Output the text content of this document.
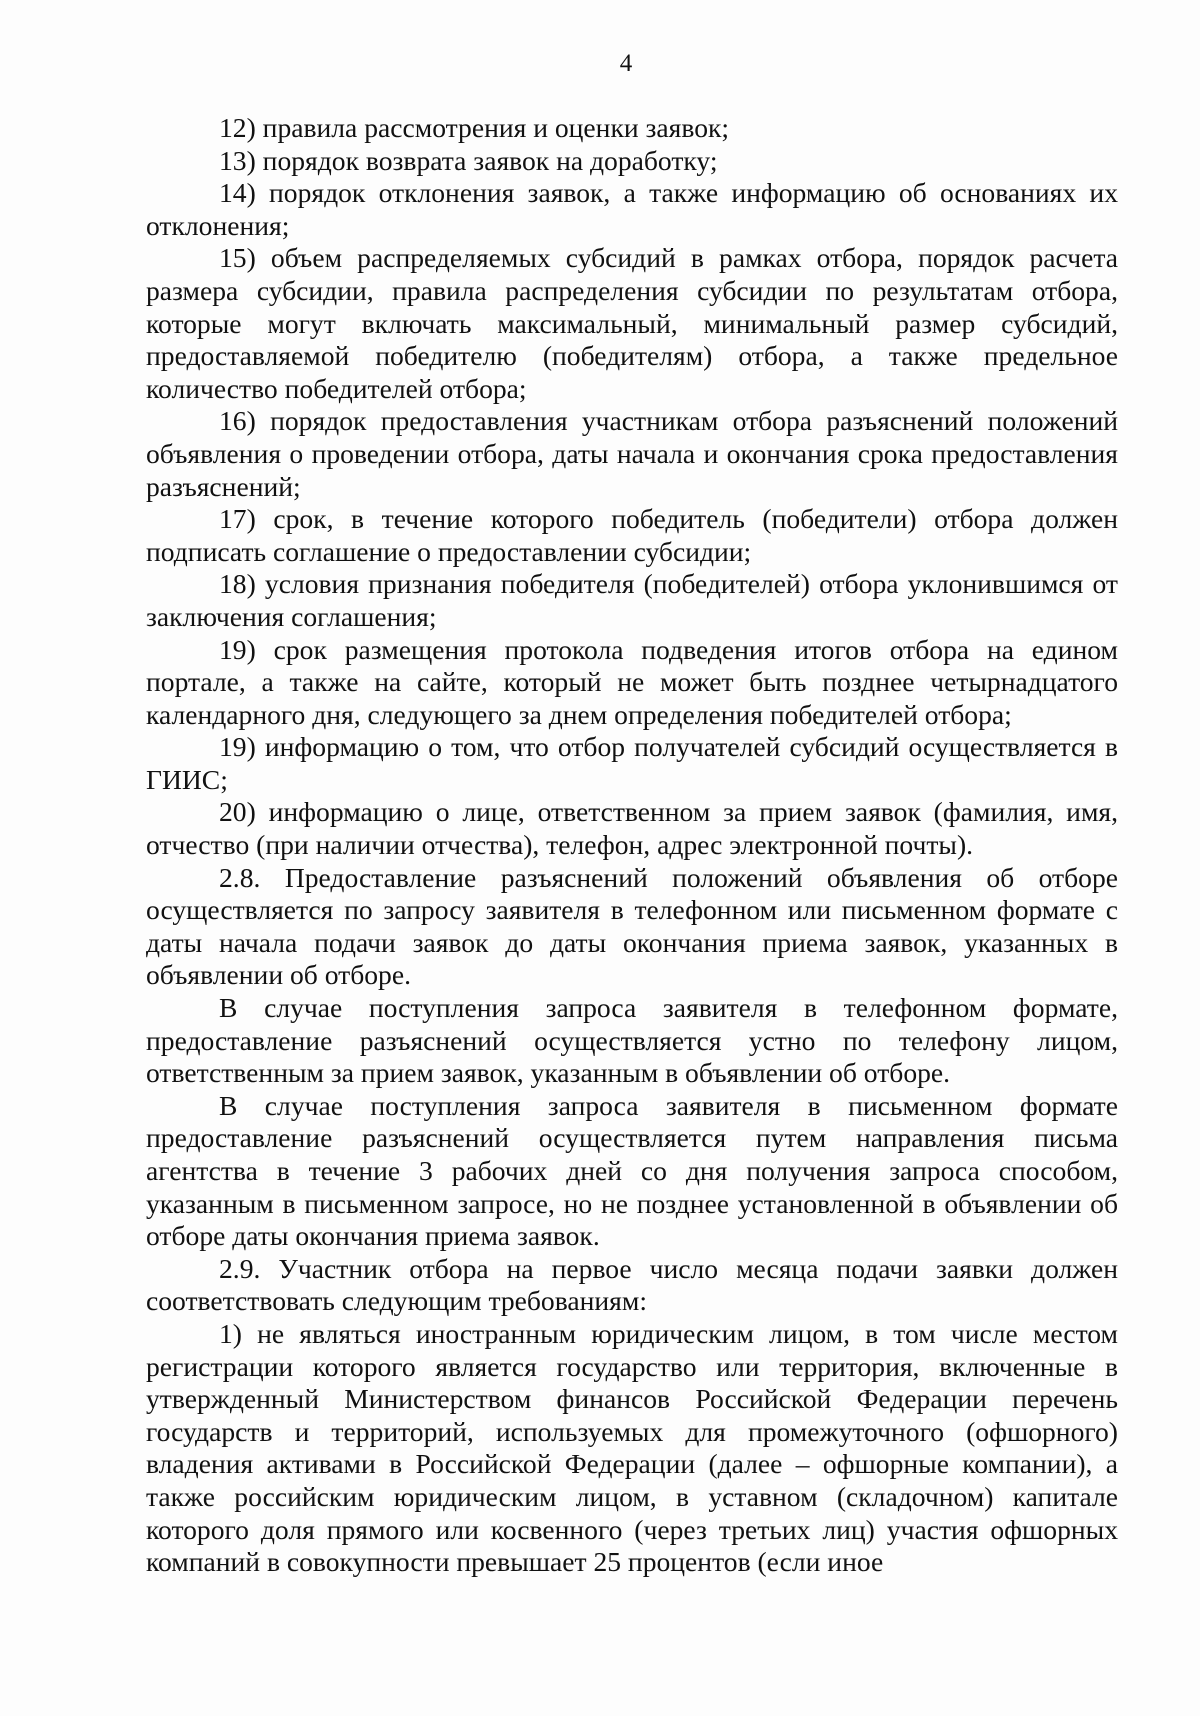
4

12) правила рассмотрения и оценки заявок;

13) порядок возврата заявок на доработку;

14) порядок отклонения заявок, а также информацию об основаниях их отклонения;

15) объем распределяемых субсидий в рамках отбора, порядок расчета размера субсидии, правила распределения субсидии по результатам отбора, которые могут включать максимальный, минимальный размер субсидий, предоставляемой победителю (победителям) отбора, а также предельное количество победителей отбора;

16) порядок предоставления участникам отбора разъяснений положений объявления о проведении отбора, даты начала и окончания срока предоставления разъяснений;

17) срок, в течение которого победитель (победители) отбора должен подписать соглашение о предоставлении субсидии;

18) условия признания победителя (победителей) отбора уклонившимся от заключения соглашения;

19) срок размещения протокола подведения итогов отбора на едином портале, а также на сайте, который не может быть позднее четырнадцатого календарного дня, следующего за днем определения победителей отбора;

19) информацию о том, что отбор получателей субсидий осуществляется в ГИИС;

20) информацию о лице, ответственном за прием заявок (фамилия, имя, отчество (при наличии отчества), телефон, адрес электронной почты).

2.8. Предоставление разъяснений положений объявления об отборе осуществляется по запросу заявителя в телефонном или письменном формате с даты начала подачи заявок до даты окончания приема заявок, указанных в объявлении об отборе.

В случае поступления запроса заявителя в телефонном формате, предоставление разъяснений осуществляется устно по телефону лицом, ответственным за прием заявок, указанным в объявлении об отборе.

В случае поступления запроса заявителя в письменном формате предоставление разъяснений осуществляется путем направления письма агентства в течение 3 рабочих дней со дня получения запроса способом, указанным в письменном запросе, но не позднее установленной в объявлении об отборе даты окончания приема заявок.

2.9. Участник отбора на первое число месяца подачи заявки должен соответствовать следующим требованиям:

1) не являться иностранным юридическим лицом, в том числе местом регистрации которого является государство или территория, включенные в утвержденный Министерством финансов Российской Федерации перечень государств и территорий, используемых для промежуточного (офшорного) владения активами в Российской Федерации (далее – офшорные компании), а также российским юридическим лицом, в уставном (складочном) капитале которого доля прямого или косвенного (через третьих лиц) участия офшорных компаний в совокупности превышает 25 процентов (если иное
